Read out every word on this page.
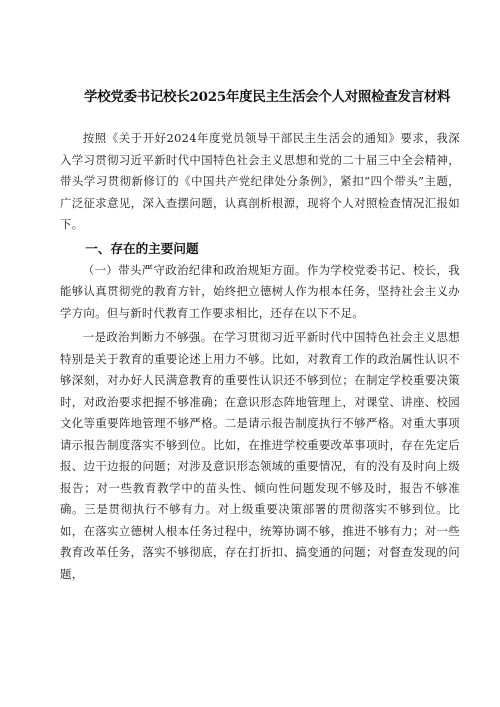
学校党委书记校长2025年度民主生活会个人对照检查发言材料

按照《关于开好2024年度党员领导干部民主生活会的通知》要求，我深入学习贯彻习近平新时代中国特色社会主义思想和党的二十届三中全会精神，带头学习贯彻新修订的《中国共产党纪律处分条例》，紧扣“四个带头”主题，广泛征求意见，深入查摆问题，认真剖析根源，现将个人对照检查情况汇报如下。

一、存在的主要问题

（一）带头严守政治纪律和政治规矩方面。作为学校党委书记、校长，我能够认真贯彻党的教育方针，始终把立德树人作为根本任务，坚持社会主义办学方向。但与新时代教育工作要求相比，还存在以下不足。

一是政治判断力不够强。在学习贯彻习近平新时代中国特色社会主义思想特别是关于教育的重要论述上用力不够。比如，对教育工作的政治属性认识不够深刻，对办好人民满意教育的重要性认识还不够到位；在制定学校重要决策时，对政治要求把握不够准确；在意识形态阵地管理上，对课堂、讲座、校园文化等重要阵地管理不够严格。二是请示报告制度执行不够严格。对重大事项请示报告制度落实不够到位。比如，在推进学校重要改革事项时，存在先定后报、边干边报的问题；对涉及意识形态领域的重要情况，有的没有及时向上级报告；对一些教育教学中的苗头性、倾向性问题发现不够及时，报告不够准确。三是贯彻执行不够有力。对上级重要决策部署的贯彻落实不够到位。比如，在落实立德树人根本任务过程中，统筹协调不够，推进不够有力；对一些教育改革任务，落实不够彻底，存在打折扣、搞变通的问题；对督查发现的问题，
